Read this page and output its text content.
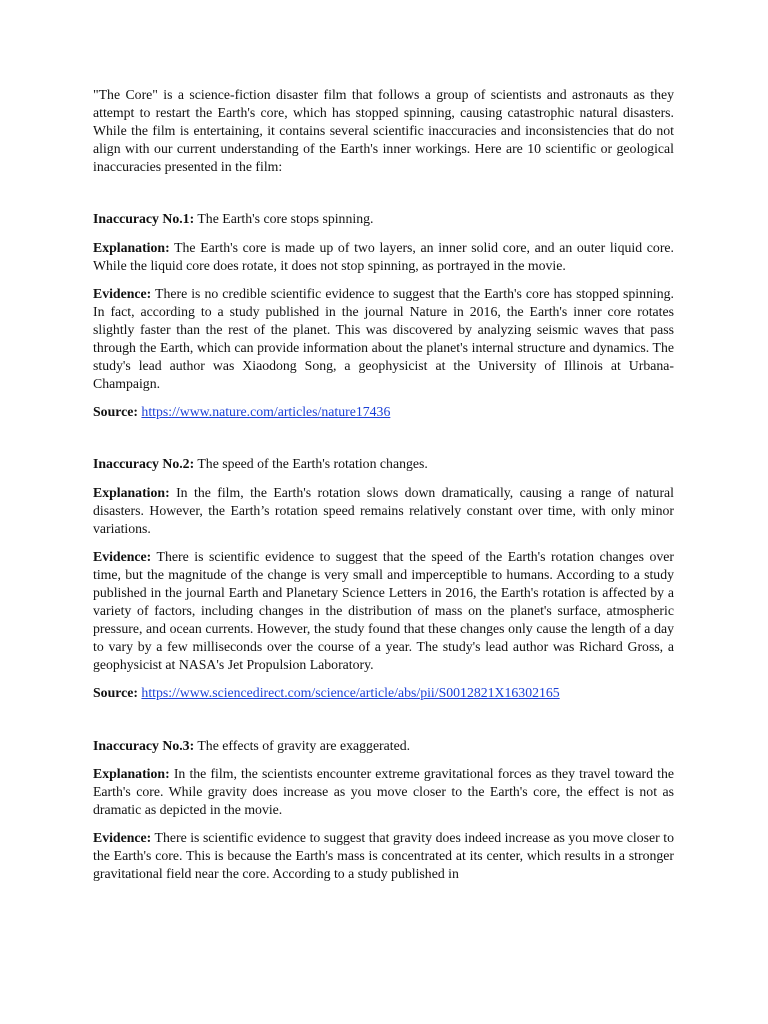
"The Core" is a science-fiction disaster film that follows a group of scientists and astronauts as they attempt to restart the Earth's core, which has stopped spinning, causing catastrophic natural disasters. While the film is entertaining, it contains several scientific inaccuracies and inconsistencies that do not align with our current understanding of the Earth's inner workings. Here are 10 scientific or geological inaccuracies presented in the film:

Inaccuracy No.1: The Earth's core stops spinning.

Explanation: The Earth's core is made up of two layers, an inner solid core, and an outer liquid core. While the liquid core does rotate, it does not stop spinning, as portrayed in the movie.

Evidence: There is no credible scientific evidence to suggest that the Earth's core has stopped spinning. In fact, according to a study published in the journal Nature in 2016, the Earth's inner core rotates slightly faster than the rest of the planet. This was discovered by analyzing seismic waves that pass through the Earth, which can provide information about the planet's internal structure and dynamics. The study's lead author was Xiaodong Song, a geophysicist at the University of Illinois at Urbana-Champaign.

Source: https://www.nature.com/articles/nature17436

Inaccuracy No.2: The speed of the Earth's rotation changes.

Explanation: In the film, the Earth's rotation slows down dramatically, causing a range of natural disasters. However, the Earth’s rotation speed remains relatively constant over time, with only minor variations.

Evidence: There is scientific evidence to suggest that the speed of the Earth's rotation changes over time, but the magnitude of the change is very small and imperceptible to humans. According to a study published in the journal Earth and Planetary Science Letters in 2016, the Earth's rotation is affected by a variety of factors, including changes in the distribution of mass on the planet's surface, atmospheric pressure, and ocean currents. However, the study found that these changes only cause the length of a day to vary by a few milliseconds over the course of a year. The study's lead author was Richard Gross, a geophysicist at NASA's Jet Propulsion Laboratory.

Source: https://www.sciencedirect.com/science/article/abs/pii/S0012821X16302165

Inaccuracy No.3: The effects of gravity are exaggerated.

Explanation: In the film, the scientists encounter extreme gravitational forces as they travel toward the Earth's core. While gravity does increase as you move closer to the Earth's core, the effect is not as dramatic as depicted in the movie.

Evidence: There is scientific evidence to suggest that gravity does indeed increase as you move closer to the Earth's core. This is because the Earth's mass is concentrated at its center, which results in a stronger gravitational field near the core. According to a study published in
